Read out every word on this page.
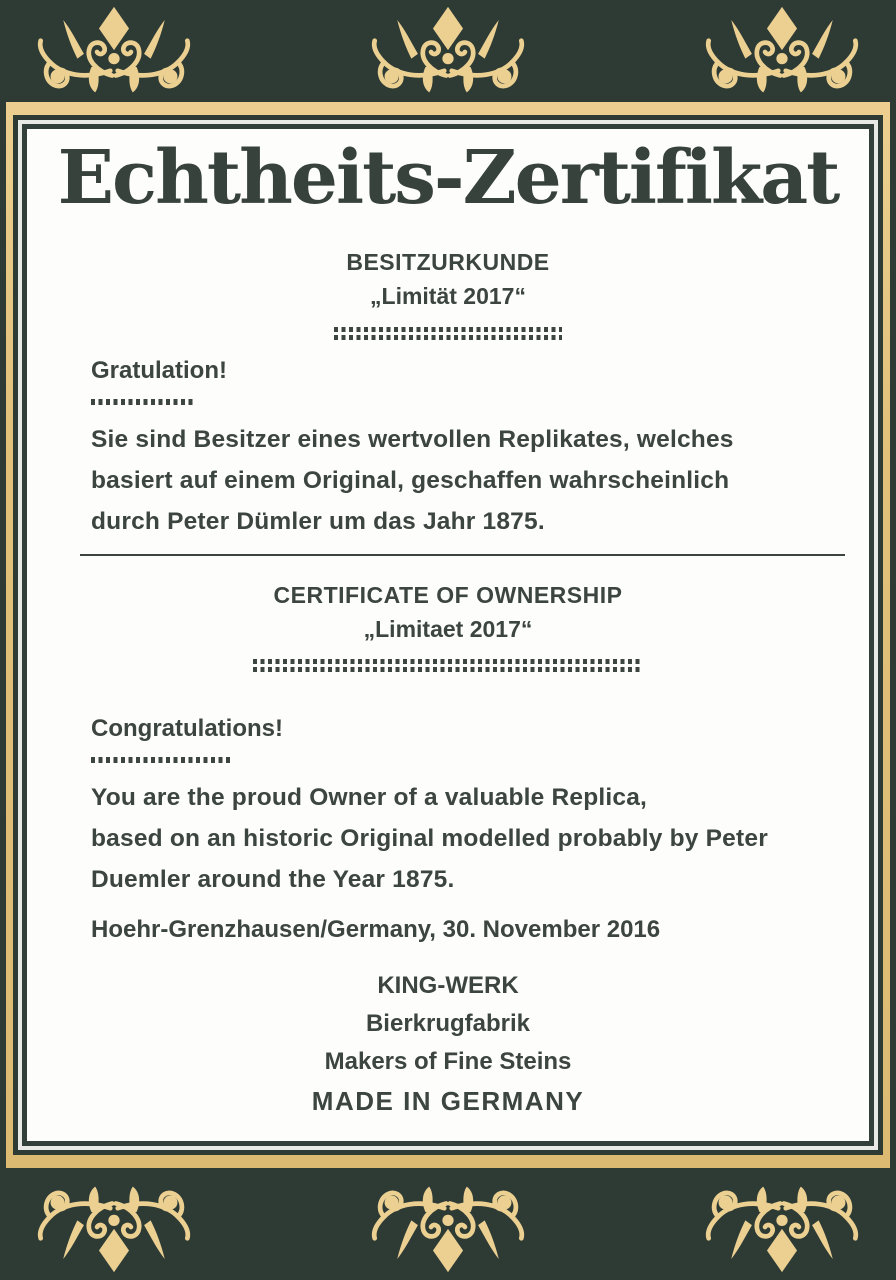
Echtheits-Zertifikat
BESITZURKUNDE
„Limität 2017“
Gratulation!
Sie sind Besitzer eines wertvollen Replikates, welches
basiert auf einem Original, geschaffen wahrscheinlich
durch Peter Dümler um das Jahr 1875.
CERTIFICATE OF OWNERSHIP
„Limitaet 2017“
Congratulations!
You are the proud Owner of a valuable Replica,
based on an historic Original modelled probably by Peter
Duemler around the Year 1875.
Hoehr-Grenzhausen/Germany, 30. November 2016
KING-WERK
Bierkrugfabrik
Makers of Fine Steins
MADE IN GERMANY
